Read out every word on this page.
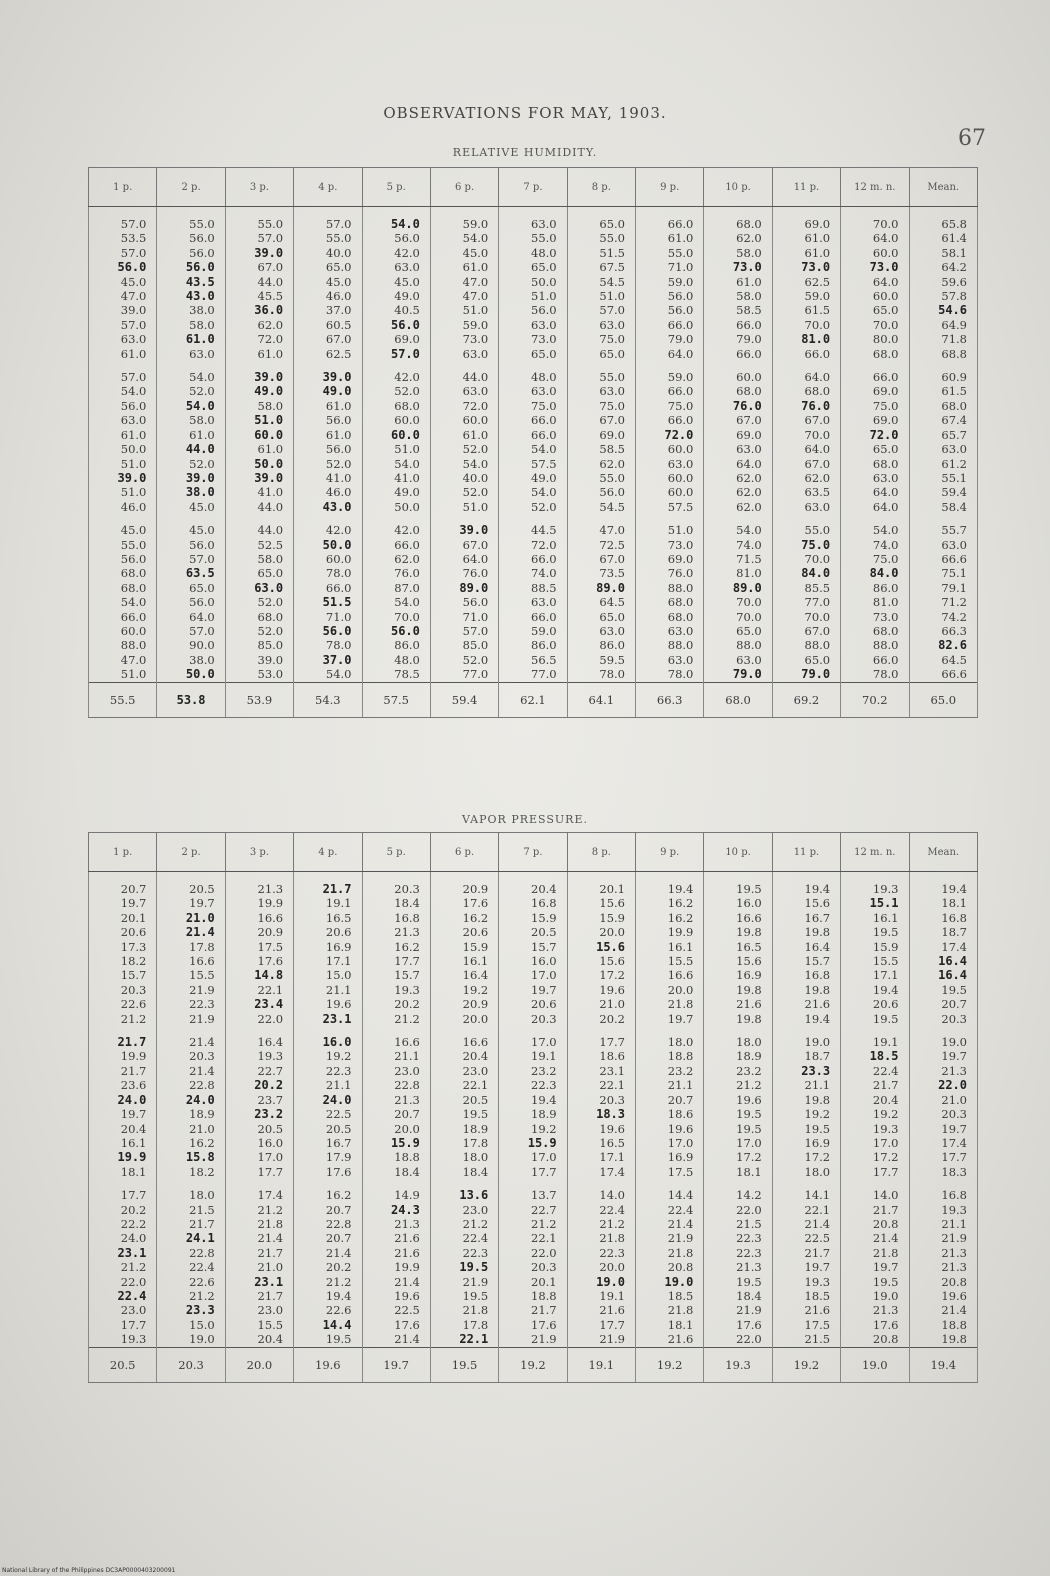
OBSERVATIONS FOR MAY, 1903.
67
RELATIVE HUMIDITY.
1 p.	2 p.	3 p.	4 p.	5 p.	6 p.	7 p.	8 p.	9 p.	10 p.	11 p.	12 m. n.	Mean.
57.0	55.0	55.0	57.0	54.0	59.0	63.0	65.0	66.0	68.0	69.0	70.0	65.8
53.5	56.0	57.0	55.0	56.0	54.0	55.0	55.0	61.0	62.0	61.0	64.0	61.4
57.0	56.0	39.0	40.0	42.0	45.0	48.0	51.5	55.0	58.0	61.0	60.0	58.1
56.0	56.0	67.0	65.0	63.0	61.0	65.0	67.5	71.0	73.0	73.0	73.0	64.2
45.0	43.5	44.0	45.0	45.0	47.0	50.0	54.5	59.0	61.0	62.5	64.0	59.6
47.0	43.0	45.5	46.0	49.0	47.0	51.0	51.0	56.0	58.0	59.0	60.0	57.8
39.0	38.0	36.0	37.0	40.5	51.0	56.0	57.0	56.0	58.5	61.5	65.0	54.6
57.0	58.0	62.0	60.5	56.0	59.0	63.0	63.0	66.0	66.0	70.0	70.0	64.9
63.0	61.0	72.0	67.0	69.0	73.0	73.0	75.0	79.0	79.0	81.0	80.0	71.8
61.0	63.0	61.0	62.5	57.0	63.0	65.0	65.0	64.0	66.0	66.0	68.0	68.8
57.0	54.0	39.0	39.0	42.0	44.0	48.0	55.0	59.0	60.0	64.0	66.0	60.9
54.0	52.0	49.0	49.0	52.0	63.0	63.0	63.0	66.0	68.0	68.0	69.0	61.5
56.0	54.0	58.0	61.0	68.0	72.0	75.0	75.0	75.0	76.0	76.0	75.0	68.0
63.0	58.0	51.0	56.0	60.0	60.0	66.0	67.0	66.0	67.0	67.0	69.0	67.4
61.0	61.0	60.0	61.0	60.0	61.0	66.0	69.0	72.0	69.0	70.0	72.0	65.7
50.0	44.0	61.0	56.0	51.0	52.0	54.0	58.5	60.0	63.0	64.0	65.0	63.0
51.0	52.0	50.0	52.0	54.0	54.0	57.5	62.0	63.0	64.0	67.0	68.0	61.2
39.0	39.0	39.0	41.0	41.0	40.0	49.0	55.0	60.0	62.0	62.0	63.0	55.1
51.0	38.0	41.0	46.0	49.0	52.0	54.0	56.0	60.0	62.0	63.5	64.0	59.4
46.0	45.0	44.0	43.0	50.0	51.0	52.0	54.5	57.5	62.0	63.0	64.0	58.4
45.0	45.0	44.0	42.0	42.0	39.0	44.5	47.0	51.0	54.0	55.0	54.0	55.7
55.0	56.0	52.5	50.0	66.0	67.0	72.0	72.5	73.0	74.0	75.0	74.0	63.0
56.0	57.0	58.0	60.0	62.0	64.0	66.0	67.0	69.0	71.5	70.0	75.0	66.6
68.0	63.5	65.0	78.0	76.0	76.0	74.0	73.5	76.0	81.0	84.0	84.0	75.1
68.0	65.0	63.0	66.0	87.0	89.0	88.5	89.0	88.0	89.0	85.5	86.0	79.1
54.0	56.0	52.0	51.5	54.0	56.0	63.0	64.5	68.0	70.0	77.0	81.0	71.2
66.0	64.0	68.0	71.0	70.0	71.0	66.0	65.0	68.0	70.0	70.0	73.0	74.2
60.0	57.0	52.0	56.0	56.0	57.0	59.0	63.0	63.0	65.0	67.0	68.0	66.3
88.0	90.0	85.0	78.0	86.0	85.0	86.0	86.0	88.0	88.0	88.0	88.0	82.6
47.0	38.0	39.0	37.0	48.0	52.0	56.5	59.5	63.0	63.0	65.0	66.0	64.5
51.0	50.0	53.0	54.0	78.5	77.0	77.0	78.0	78.0	79.0	79.0	78.0	66.6
55.5	53.8	53.9	54.3	57.5	59.4	62.1	64.1	66.3	68.0	69.2	70.2	65.0
VAPOR PRESSURE.
1 p.	2 p.	3 p.	4 p.	5 p.	6 p.	7 p.	8 p.	9 p.	10 p.	11 p.	12 m. n.	Mean.
20.7	20.5	21.3	21.7	20.3	20.9	20.4	20.1	19.4	19.5	19.4	19.3	19.4
19.7	19.7	19.9	19.1	18.4	17.6	16.8	15.6	16.2	16.0	15.6	15.1	18.1
20.1	21.0	16.6	16.5	16.8	16.2	15.9	15.9	16.2	16.6	16.7	16.1	16.8
20.6	21.4	20.9	20.6	21.3	20.6	20.5	20.0	19.9	19.8	19.8	19.5	18.7
17.3	17.8	17.5	16.9	16.2	15.9	15.7	15.6	16.1	16.5	16.4	15.9	17.4
18.2	16.6	17.6	17.1	17.7	16.1	16.0	15.6	15.5	15.6	15.7	15.5	16.4
15.7	15.5	14.8	15.0	15.7	16.4	17.0	17.2	16.6	16.9	16.8	17.1	16.4
20.3	21.9	22.1	21.1	19.3	19.2	19.7	19.6	20.0	19.8	19.8	19.4	19.5
22.6	22.3	23.4	19.6	20.2	20.9	20.6	21.0	21.8	21.6	21.6	20.6	20.7
21.2	21.9	22.0	23.1	21.2	20.0	20.3	20.2	19.7	19.8	19.4	19.5	20.3
21.7	21.4	16.4	16.0	16.6	16.6	17.0	17.7	18.0	18.0	19.0	19.1	19.0
19.9	20.3	19.3	19.2	21.1	20.4	19.1	18.6	18.8	18.9	18.7	18.5	19.7
21.7	21.4	22.7	22.3	23.0	23.0	23.2	23.1	23.2	23.2	23.3	22.4	21.3
23.6	22.8	20.2	21.1	22.8	22.1	22.3	22.1	21.1	21.2	21.1	21.7	22.0
24.0	24.0	23.7	24.0	21.3	20.5	19.4	20.3	20.7	19.6	19.8	20.4	21.0
19.7	18.9	23.2	22.5	20.7	19.5	18.9	18.3	18.6	19.5	19.2	19.2	20.3
20.4	21.0	20.5	20.5	20.0	18.9	19.2	19.6	19.6	19.5	19.5	19.3	19.7
16.1	16.2	16.0	16.7	15.9	17.8	15.9	16.5	17.0	17.0	16.9	17.0	17.4
19.9	15.8	17.0	17.9	18.8	18.0	17.0	17.1	16.9	17.2	17.2	17.2	17.7
18.1	18.2	17.7	17.6	18.4	18.4	17.7	17.4	17.5	18.1	18.0	17.7	18.3
17.7	18.0	17.4	16.2	14.9	13.6	13.7	14.0	14.4	14.2	14.1	14.0	16.8
20.2	21.5	21.2	20.7	24.3	23.0	22.7	22.4	22.4	22.0	22.1	21.7	19.3
22.2	21.7	21.8	22.8	21.3	21.2	21.2	21.2	21.4	21.5	21.4	20.8	21.1
24.0	24.1	21.4	20.7	21.6	22.4	22.1	21.8	21.9	22.3	22.5	21.4	21.9
23.1	22.8	21.7	21.4	21.6	22.3	22.0	22.3	21.8	22.3	21.7	21.8	21.3
21.2	22.4	21.0	20.2	19.9	19.5	20.3	20.0	20.8	21.3	19.7	19.7	21.3
22.0	22.6	23.1	21.2	21.4	21.9	20.1	19.0	19.0	19.5	19.3	19.5	20.8
22.4	21.2	21.7	19.4	19.6	19.5	18.8	19.1	18.5	18.4	18.5	19.0	19.6
23.0	23.3	23.0	22.6	22.5	21.8	21.7	21.6	21.8	21.9	21.6	21.3	21.4
17.7	15.0	15.5	14.4	17.6	17.8	17.6	17.7	18.1	17.6	17.5	17.6	18.8
19.3	19.0	20.4	19.5	21.4	22.1	21.9	21.9	21.6	22.0	21.5	20.8	19.8
20.5	20.3	20.0	19.6	19.7	19.5	19.2	19.1	19.2	19.3	19.2	19.0	19.4
National Library of the Philippines DC3AP0000403200091
